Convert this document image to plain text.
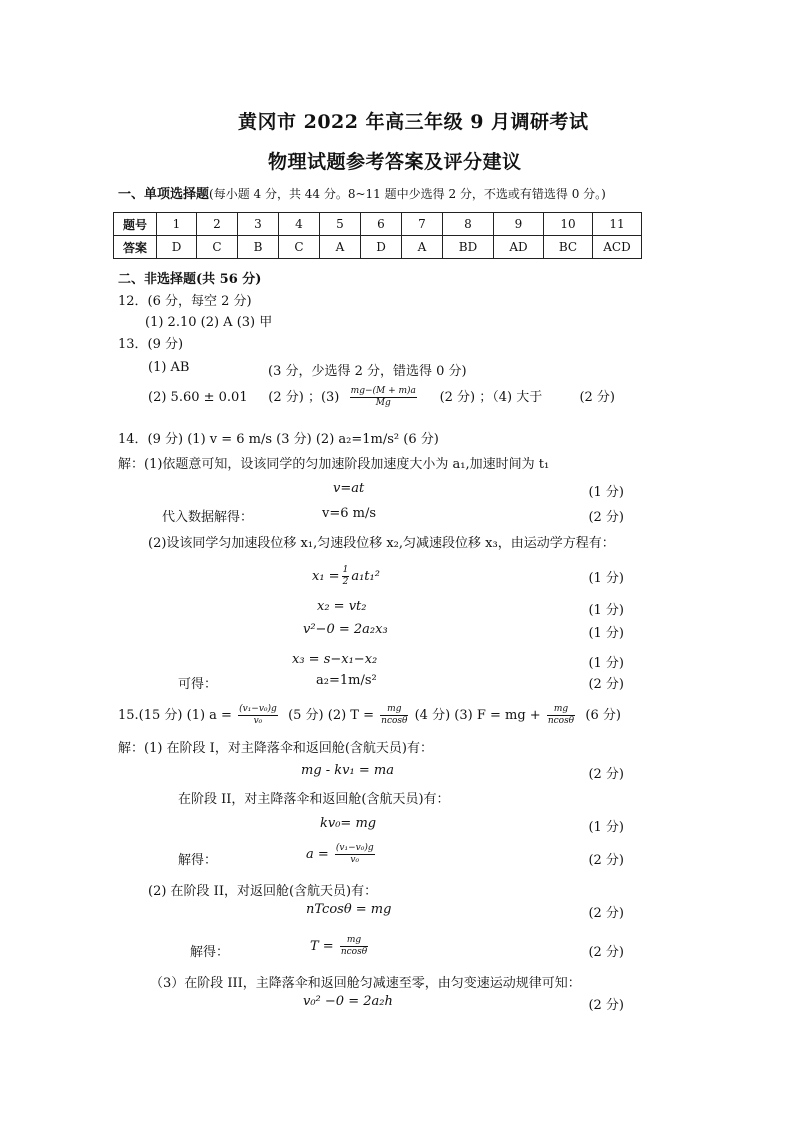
黄冈市 2022 年高三年级 9 月调研考试
物理试题参考答案及评分建议
一、单项选择题(每小题 4 分，共 44 分。8~11 题中少选得 2 分，不选或有错选得 0 分。)
题号	1	2	3	4	5	6	7	8	9	10	11
答案	D	C	B	C	A	D	A	BD	AD	BC	ACD
二、非选择题(共 56 分)
12．(6 分，每空 2 分)
(1) 2.10 (2) A (3) 甲
13．(9 分)
(1) AB	(3 分，少选得 2 分，错选得 0 分)
(2) 5.60 ± 0.01 (2 分) ；$(3) \frac{mg-(M + m)a}{Mg} (2$ 分) ；（4) 大于	(2 分)
14．(9 分) (1) v = 6 m/s (3 分) (2) a₂=1m/s² (6 分)
解：(1)依题意可知，设该同学的匀加速阶段加速度大小为 a₁,加速时间为 t₁
v=at	(1 分)
代入数据解得：	v=6 m/s	(2 分)
(2)设该同学匀加速段位移 x₁,匀速段位移 x₂,匀减速段位移 x₃，由运动学方程有：
$x_1 = \frac{1}{2} a_1t_1^2$	(1 分)
x₂ = vt₂	(1 分)
v²−0 = 2a₂x₃	(1 分)
x₃ = s−x₁−x₂	(1 分)
可得：	a₂=1m/s²	(2 分)
15.(15 分) (1) $a = \frac{\text{(v₁−v₀)g}}{\text{v₀}} (5$ 分) (2) $T = \frac{mg}{ncos\theta} (4$ 分) (3) F = mg + $\frac{mg}{ncos\theta} (6$ 分)
解：(1) 在阶段 I，对主降落伞和返回舱(含航天员)有：
mg - kv₁ = ma	(2 分)
在阶段 II，对主降落伞和返回舱(含航天员)有：
kv₀= mg	(1 分)
解得：	$a = \frac{\text{(v₁−v₀)g}}{\text{v₀}}$	(2 分)
(2) 在阶段 II，对返回舱(含航天员)有：
nTcosθ = mg	(2 分)
解得：	$T = \frac{mg}{ncos\theta}$	(2 分)
（3）在阶段 III，主降落伞和返回舱匀减速至零，由匀变速运动规律可知：
v₀² −0 = 2a₂h	(2 分)
